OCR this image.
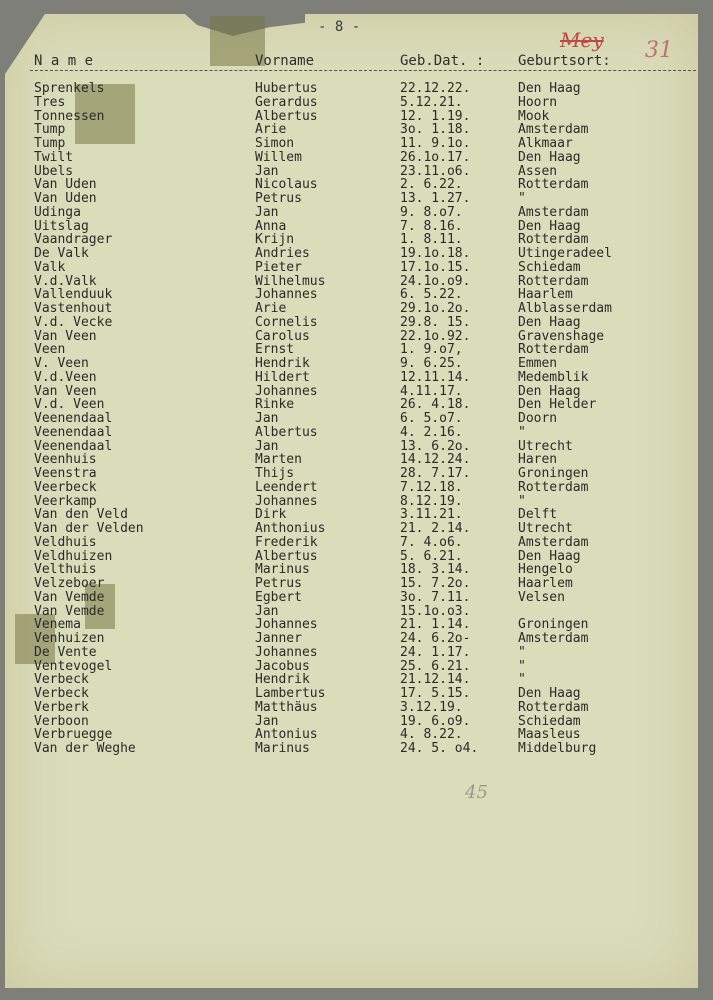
- 8 -
Mey 31
N a m e	Vorname	Geb.Dat. : Geburtsort:
Sprenkels	Hubertus	22.12.22.	Den Haag
Tres	Gerardus	5.12.21.	Hoorn
Tonnessen	Albertus	12. 1.19.	Mook
Tump	Arie	3o. 1.18.	Amsterdam
Tump	Simon	11. 9.1o.	Alkmaar
Twilt	Willem	26.1o.17.	Den Haag
Ubels	Jan	23.11.o6.	Assen
Van Uden	Nicolaus	2. 6.22.	Rotterdam
Van Uden	Petrus	13. 1.27.	"
Udinga	Jan	9. 8.o7.	Amsterdam
Uitslag	Anna	7. 8.16.	Den Haag
Vaandrager	Krijn	1. 8.11.	Rotterdam
De Valk	Andries	19.1o.18.	Utingeradeel
Valk	Pieter	17.1o.15.	Schiedam
V.d.Valk	Wilhelmus	24.1o.o9.	Rotterdam
Vallenduuk	Johannes	6. 5.22.	Haarlem
Vastenhout	Arie	29.1o.2o.	Alblasserdam
V.d. Vecke	Cornelis	29.8. 15.	Den Haag
Van Veen	Carolus	22.1o.92.	Gravenshage
Veen	Ernst	1. 9.o7,	Rotterdam
V. Veen	Hendrik	9. 6.25.	Emmen
V.d.Veen	Hildert	12.11.14.	Medemblik
Van Veen	Johannes	4.11.17.	Den Haag
V.d. Veen	Rinke	26. 4.18.	Den Helder
Veenendaal	Jan	6. 5.o7.	Doorn
Veenendaal	Albertus	4. 2.16.	"
Veenendaal	Jan	13. 6.2o.	Utrecht
Veenhuis	Marten	14.12.24.	Haren
Veenstra	Thijs	28. 7.17.	Groningen
Veerbeck	Leendert	7.12.18.	Rotterdam
Veerkamp	Johannes	8.12.19.	"
Van den Veld	Dirk	3.11.21.	Delft
Van der Velden	Anthonius	21. 2.14.	Utrecht
Veldhuis	Frederik	7. 4.o6.	Amsterdam
Veldhuizen	Albertus	5. 6.21.	Den Haag
Velthuis	Marinus	18. 3.14.	Hengelo
Velzeboer	Petrus	15. 7.2o.	Haarlem
Van Vemde	Egbert	3o. 7.11.	Velsen
Van Vemde	Jan	15.1o.o3.
Venema	Johannes	21. 1.14.	Groningen
Venhuizen	Janner	24. 6.2o-	Amsterdam
De Vente	Johannes	24. 1.17.	"
Ventevogel	Jacobus	25. 6.21.	"
Verbeck	Hendrik	21.12.14.	"
Verbeck	Lambertus	17. 5.15.	Den Haag
Verberk	Matthäus	3.12.19.	Rotterdam
Verboon	Jan	19. 6.o9.	Schiedam
Verbruegge	Antonius	4. 8.22.	Maasleus
Van der Weghe	Marinus	24. 5. o4.	Middelburg
45
